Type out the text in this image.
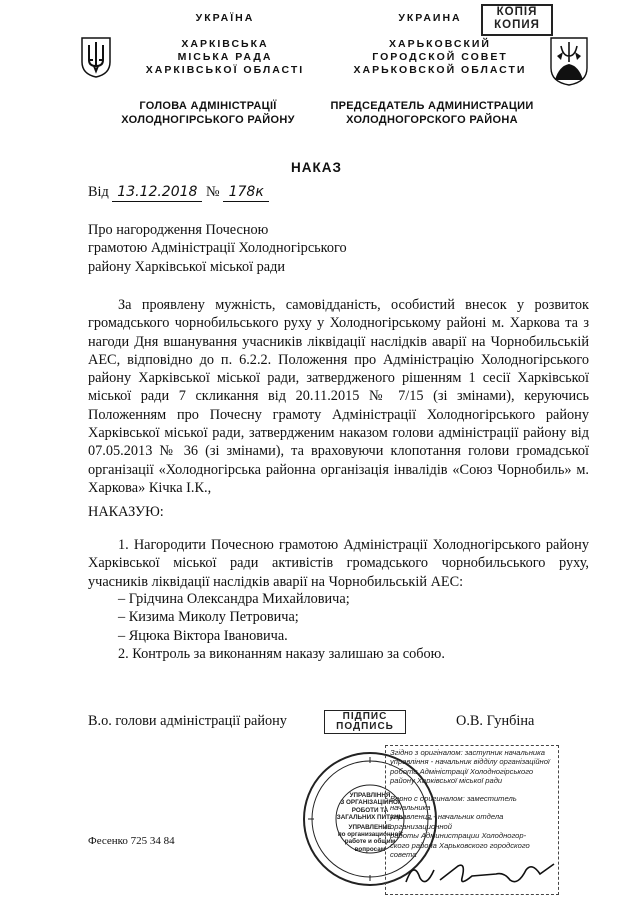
УКРАЇНА
ХАРКІВСЬКА
МІСЬКА РАДА
ХАРКІВСЬКОЇ ОБЛАСТІ
ГОЛОВА АДМІНІСТРАЦІЇ
ХОЛОДНОГІРСЬКОГО РАЙОНУ
УКРАИНА
ХАРЬКОВСКИЙ
ГОРОДСКОЙ СОВЕТ
ХАРЬКОВСКОЙ ОБЛАСТИ
ПРЕДСЕДАТЕЛЬ АДМИНИСТРАЦИИ
ХОЛОДНОГОРСКОГО РАЙОНА
КОПІЯ
КОПИЯ
НАКАЗ
Від 13.12.2018 № 178к
Про нагородження Почесною
грамотою Адміністрації Холодногірського
району Харківської міської ради
За проявлену мужність, самовідданість, особистий внесок у розвиток громадського чорнобильського руху у Холодногірському районі м. Харкова та з нагоди Дня вшанування учасників ліквідації наслідків аварії на Чорнобильській АЕС, відповідно до п. 6.2.2. Положення про Адміністрацію Холодногірського району Харківської міської ради, затвердженого рішенням 1 сесії Харківської міської ради 7 скликання від 20.11.2015 № 7/15 (зі змінами), керуючись Положенням про Почесну грамоту Адміністрації Холодногірського району Харківської міської ради, затвердженим наказом голови адміністрації району від 07.05.2013 № 36 (зі змінами), та враховуючи клопотання голови громадської організації «Холодногірська районна організація інвалідів «Союз Чорнобиль» м. Харкова» Кічка І.К.,
НАКАЗУЮ:
1. Нагородити Почесною грамотою Адміністрації Холодногірського району Харківської міської ради активістів громадського чорнобильського руху, учасників ліквідації наслідків аварії на Чорнобильській АЕС:
– Грідчина Олександра Михайловича;
– Кизима Миколу Петровича;
– Яцюка Віктора Івановича.
2. Контроль за виконанням наказу залишаю за собою.
В.о. голови адміністрації району	ПІДПИС
ПОДПИСЬ	О.В. Гунбіна
УПРАВЛІННЯ
З ОРГАНІЗАЦІЙНОЇ
РОБОТИ ТА
ЗАГАЛЬНИХ ПИТАНЬ
УПРАВЛЕНИЕ
по организационной
работе и общим
вопросам
Згідно з оригіналом: заступник начальника
управління - начальник відділу організаційної
роботи Адміністрації Холодногірського
району Харківської міської ради
Верно с оригиналом: заместитель начальника
управления - начальник отдела организационной
работы Администрации Холодногор-
ского района Харьковского городского совета
Фесенко 725 34 84
